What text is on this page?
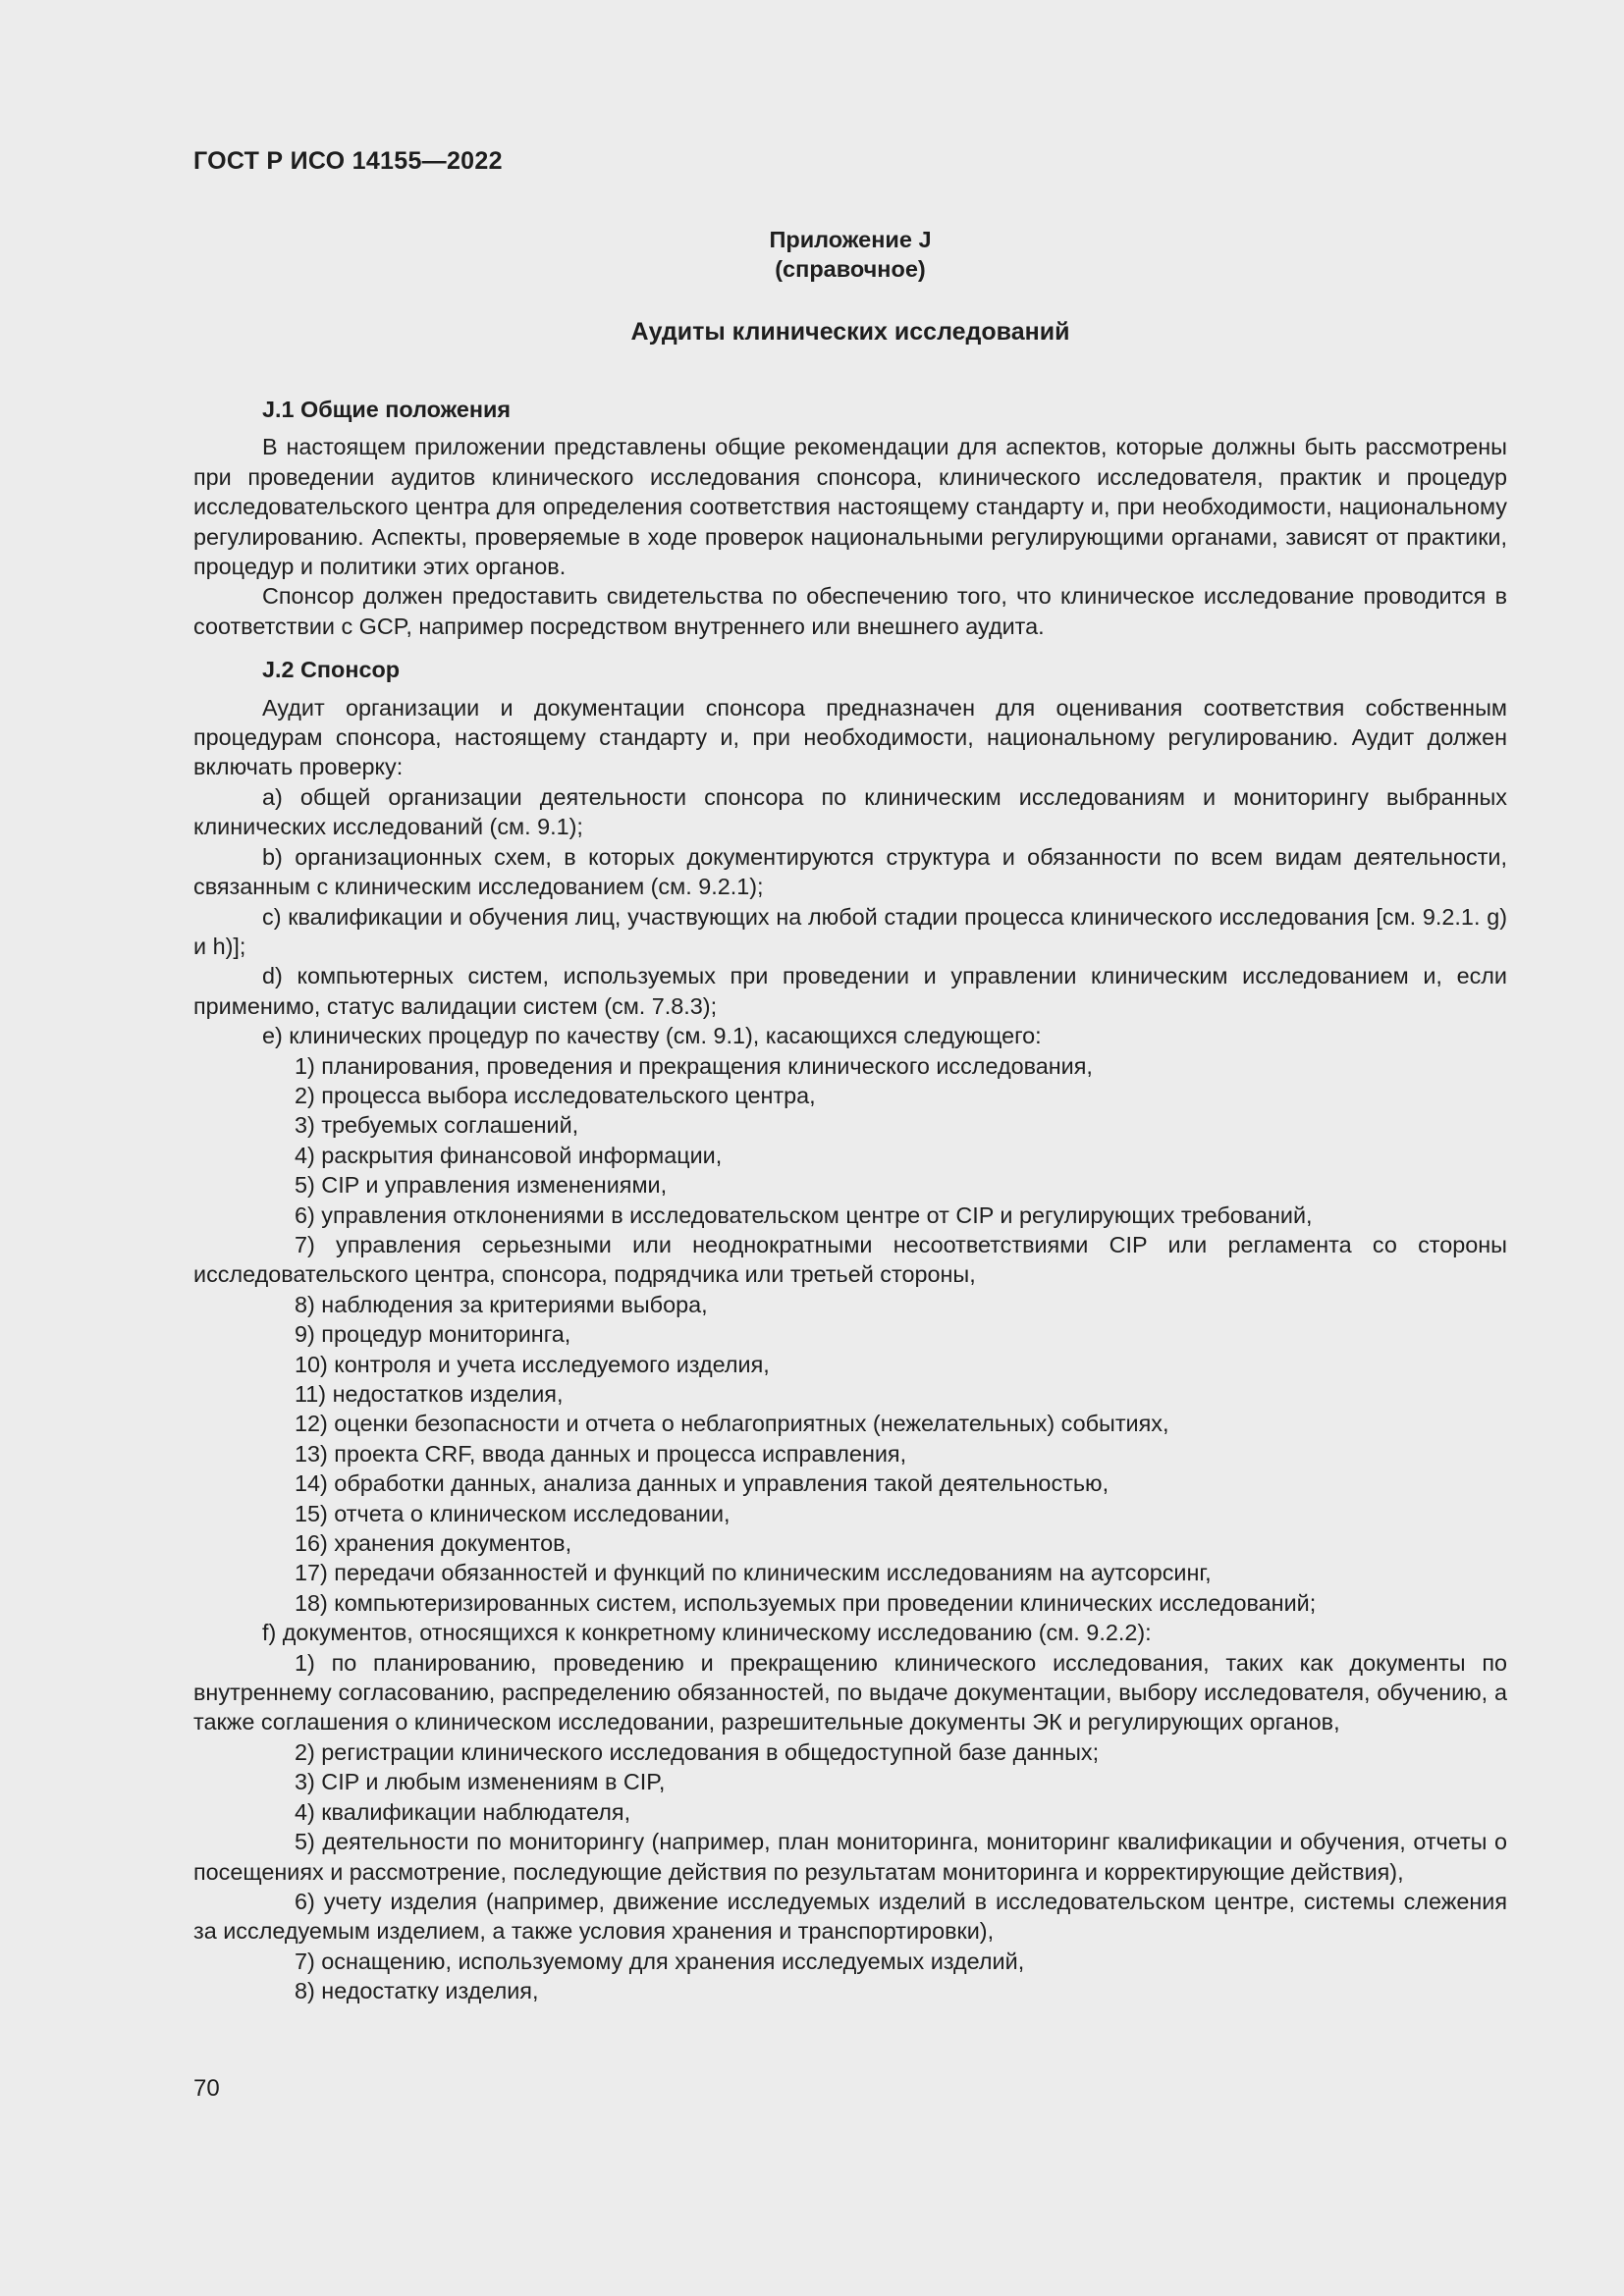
ГОСТ Р ИСО 14155—2022
Приложение J
(справочное)
Аудиты клинических исследований

J.1 Общие положения

В настоящем приложении представлены общие рекомендации для аспектов, которые должны быть рассмотрены при проведении аудитов клинического исследования спонсора, клинического исследователя, практик и процедур исследовательского центра для определения соответствия настоящему стандарту и, при необходимости, национальному регулированию. Аспекты, проверяемые в ходе проверок национальными регулирующими органами, зависят от практики, процедур и политики этих органов.

Спонсор должен предоставить свидетельства по обеспечению того, что клиническое исследование проводится в соответствии с GCP, например посредством внутреннего или внешнего аудита.

J.2 Спонсор

Аудит организации и документации спонсора предназначен для оценивания соответствия собственным процедурам спонсора, настоящему стандарту и, при необходимости, национальному регулированию. Аудит должен включать проверку:

a) общей организации деятельности спонсора по клиническим исследованиям и мониторингу выбранных клинических исследований (см. 9.1);

b) организационных схем, в которых документируются структура и обязанности по всем видам деятельности, связанным с клиническим исследованием (см. 9.2.1);

c) квалификации и обучения лиц, участвующих на любой стадии процесса клинического исследования [см. 9.2.1. g) и h)];

d) компьютерных систем, используемых при проведении и управлении клиническим исследованием и, если применимо, статус валидации систем (см. 7.8.3);

e) клинических процедур по качеству (см. 9.1), касающихся следующего:

1) планирования, проведения и прекращения клинического исследования,

2) процесса выбора исследовательского центра,

3) требуемых соглашений,

4) раскрытия финансовой информации,

5) CIP и управления изменениями,

6) управления отклонениями в исследовательском центре от CIP и регулирующих требований,

7) управления серьезными или неоднократными несоответствиями CIP или регламента со стороны исследовательского центра, спонсора, подрядчика или третьей стороны,

8) наблюдения за критериями выбора,

9) процедур мониторинга,

10) контроля и учета исследуемого изделия,

11) недостатков изделия,

12) оценки безопасности и отчета о неблагоприятных (нежелательных) событиях,

13) проекта CRF, ввода данных и процесса исправления,

14) обработки данных, анализа данных и управления такой деятельностью,

15) отчета о клиническом исследовании,

16) хранения документов,

17) передачи обязанностей и функций по клиническим исследованиям на аутсорсинг,

18) компьютеризированных систем, используемых при проведении клинических исследований;

f) документов, относящихся к конкретному клиническому исследованию (см. 9.2.2):

1) по планированию, проведению и прекращению клинического исследования, таких как документы по внутреннему согласованию, распределению обязанностей, по выдаче документации, выбору исследователя, обучению, а также соглашения о клиническом исследовании, разрешительные документы ЭК и регулирующих органов,

2) регистрации клинического исследования в общедоступной базе данных;

3) CIP и любым изменениям в CIP,

4) квалификации наблюдателя,

5) деятельности по мониторингу (например, план мониторинга, мониторинг квалификации и обучения, отчеты о посещениях и рассмотрение, последующие действия по результатам мониторинга и корректирующие действия),

6) учету изделия (например, движение исследуемых изделий в исследовательском центре, системы слежения за исследуемым изделием, а также условия хранения и транспортировки),

7) оснащению, используемому для хранения исследуемых изделий,

8) недостатку изделия,

70
